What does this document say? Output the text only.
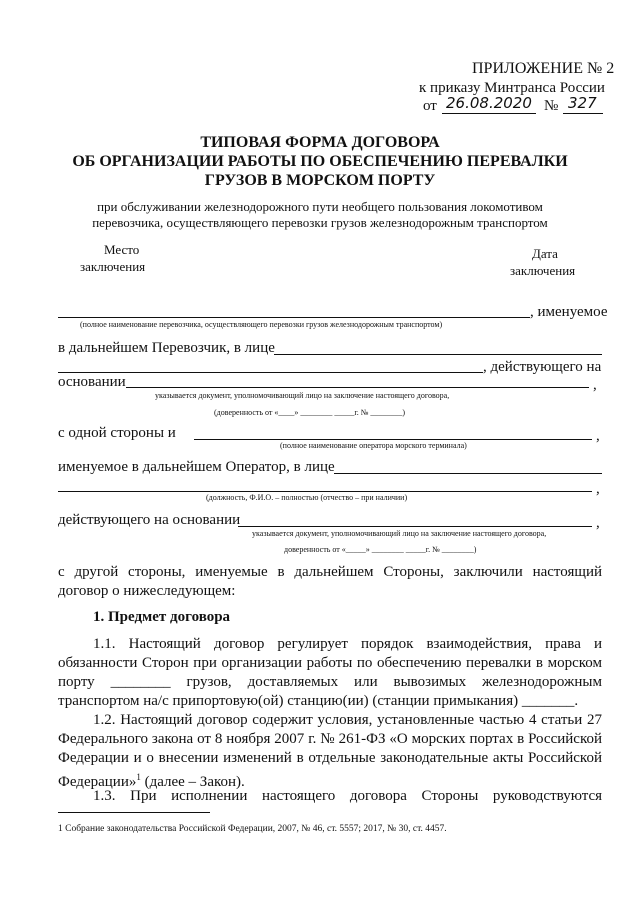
ПРИЛОЖЕНИЕ № 2
к приказу Минтранса России
от 26.08.2020 № 327
ТИПОВАЯ ФОРМА ДОГОВОРА
ОБ ОРГАНИЗАЦИИ РАБОТЫ ПО ОБЕСПЕЧЕНИЮ ПЕРЕВАЛКИ
ГРУЗОВ В МОРСКОМ ПОРТУ
при обслуживании железнодорожного пути необщего пользования локомотивом
перевозчика, осуществляющего перевозки грузов железнодорожным транспортом
Место
заключения
Дата
заключения
, именуемое
(полное наименование перевозчика, осуществляющего перевозки грузов железнодорожным транспортом)
в дальнейшем Перевозчик, в лице
, действующего на
основании	,
указывается документ, уполномочивающий лицо на заключение настоящего договора,
(доверенность от «____» ________ _____г. № ________)
с одной стороны и	,
(полное наименование оператора морского терминала)
именуемое в дальнейшем Оператор, в лице
,
(должность, Ф.И.О. – полностью (отчество – при наличии)
действующего на основании	,
указывается документ, уполномочивающий лицо на заключение настоящего договора,
доверенность от «_____» ________ _____г. № ________)
с другой стороны, именуемые в дальнейшем Стороны, заключили настоящий договор о нижеследующем:
1. Предмет договора
1.1. Настоящий договор регулирует порядок взаимодействия, права и обязанности Сторон при организации работы по обеспечению перевалки в морском порту ________ грузов, доставляемых или вывозимых железнодорожным транспортом на/с припортовую(ой) станцию(ии) (станции примыкания) _______.
1.2. Настоящий договор содержит условия, установленные частью 4 статьи 27 Федерального закона от 8 ноября 2007 г. № 261-ФЗ «О морских портах в Российской Федерации и о внесении изменений в отдельные законодательные акты Российской Федерации»$^1$ (далее – Закон).
1.3. При исполнении настоящего договора Стороны руководствуются
1 Собрание законодательства Российской Федерации, 2007, № 46, ст. 5557; 2017, № 30, ст. 4457.
